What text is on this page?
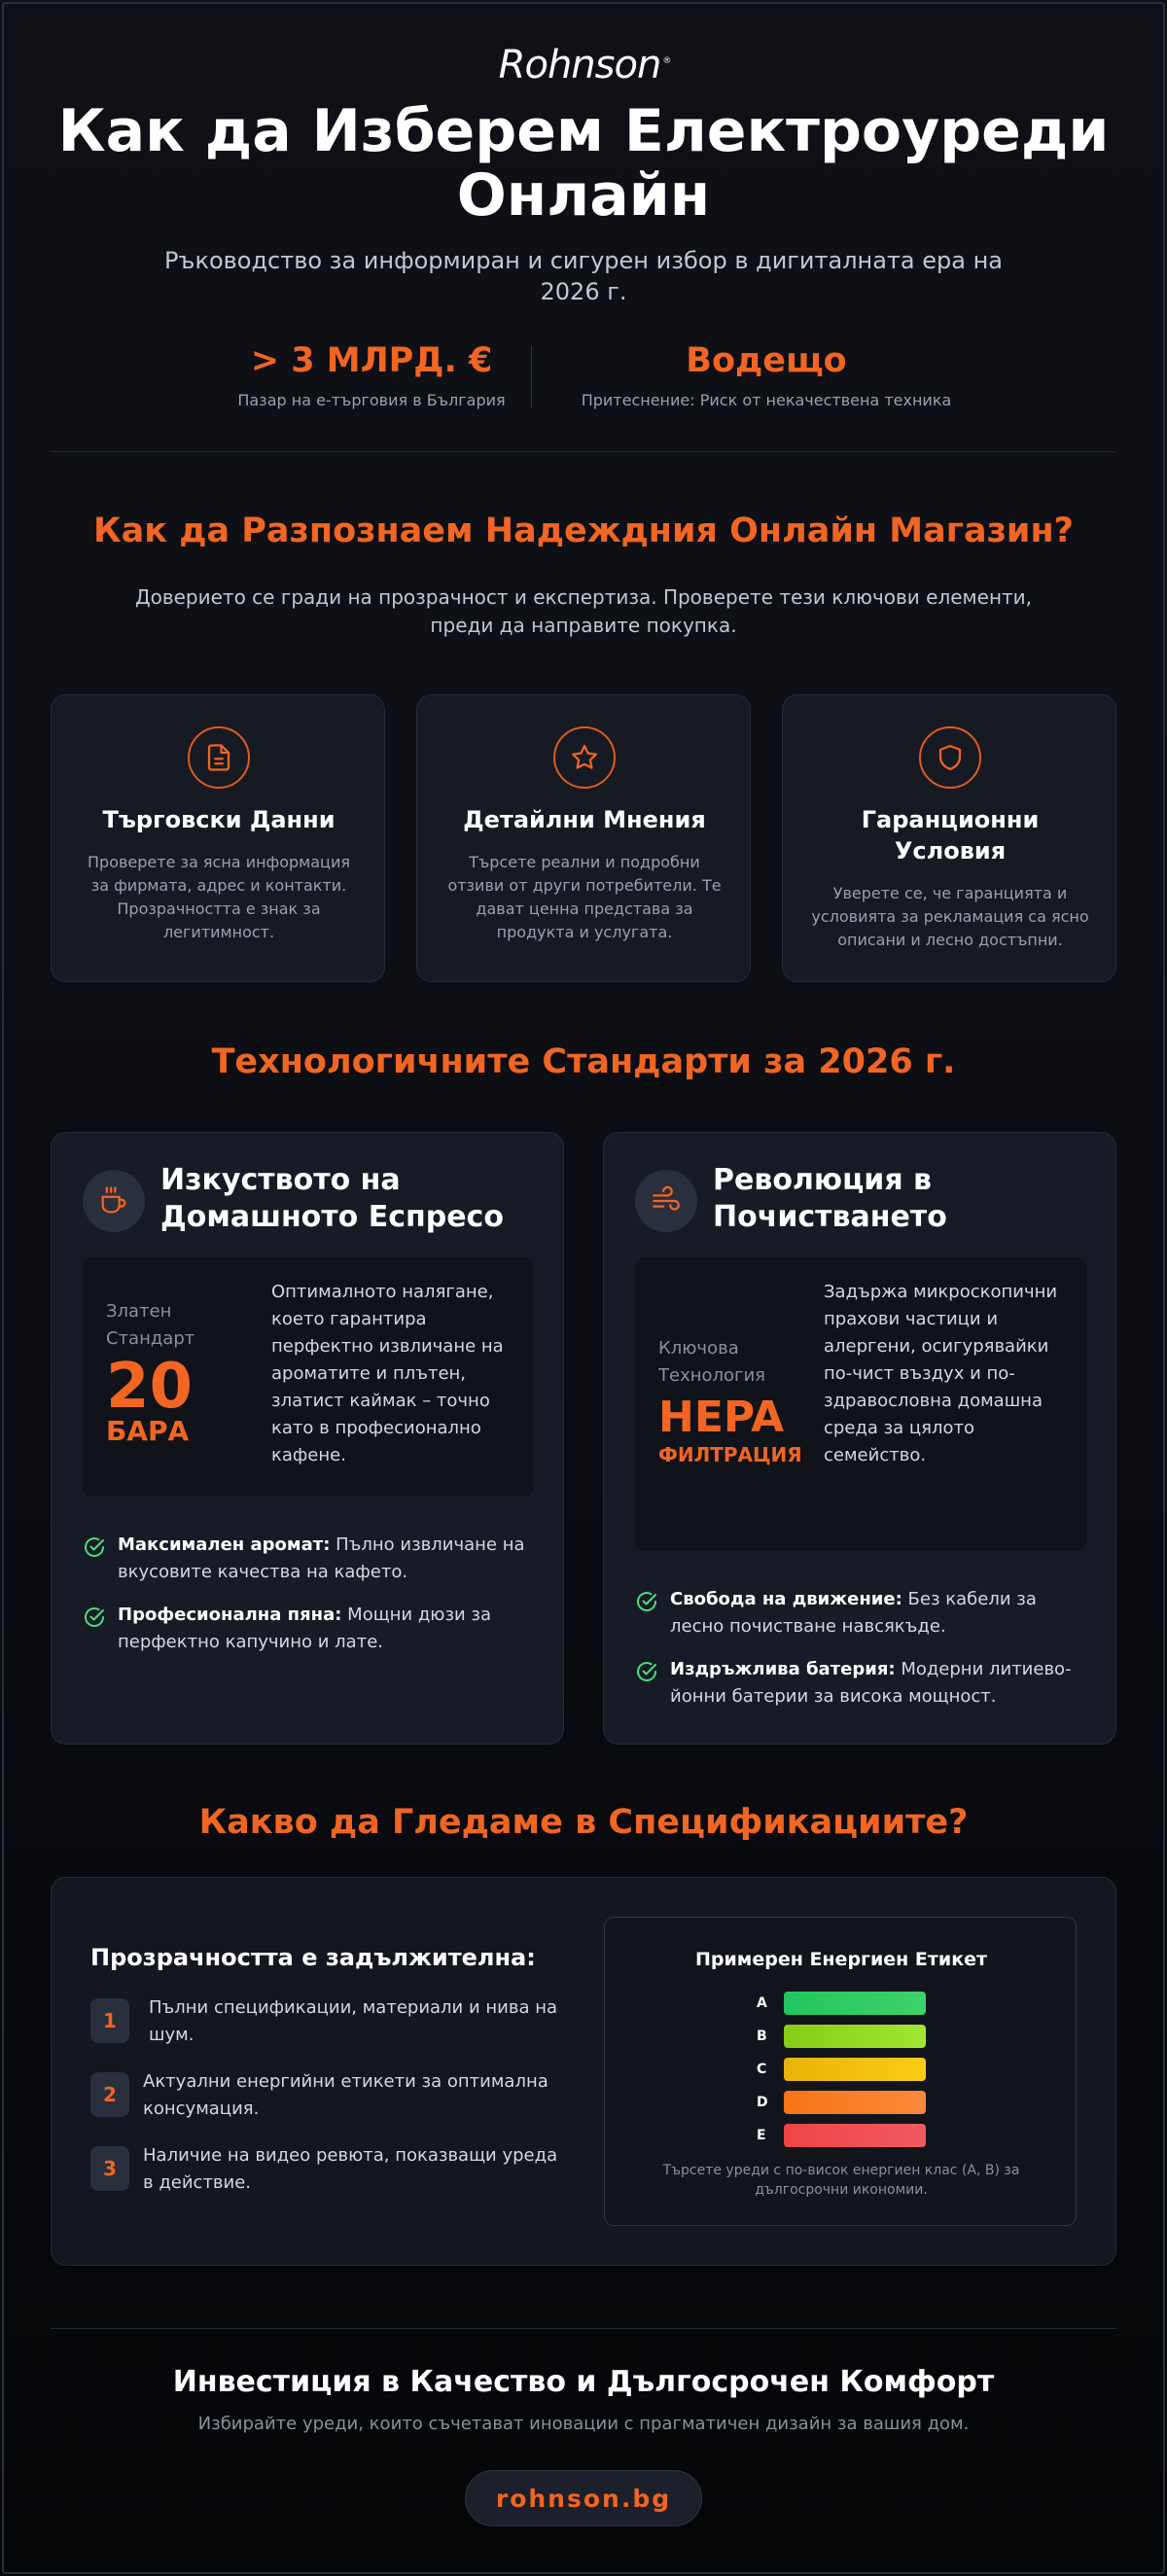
Rohnson ®
Как да Изберем Електроуреди Онлайн

Ръководство за информиран и сигурен избор в дигиталната ера на 2026 г.

> 3 МЛРД. €
Пазар на е-търговия в България
Водещо
Притеснение: Риск от некачествена техника
Как да Разпознаем Надеждния Онлайн Магазин?

Доверието се гради на прозрачност и експертиза. Проверете тези ключови елементи, преди да направите покупка.

Търговски Данни
Проверете за ясна информация за фирмата, адрес и контакти. Прозрачността е знак за легитимност.
Детайлни Мнения
Търсете реални и подробни отзиви от други потребители. Те дават ценна представа за продукта и услугата.
Гаранционни Условия
Уверете се, че гаранцията и условията за рекламация са ясно описани и лесно достъпни.
Технологичните Стандарти за 2026 г.
Изкуството на Домашното Еспресо
Златен Стандарт
20
БАРА
Оптималното налягане, което гарантира перфектно извличане на ароматите и плътен, златист каймак – точно като в професионално кафене.
Максимален аромат: Пълно извличане на вкусовите качества на кафето.
Професионална пяна: Мощни дюзи за перфектно капучино и лате.
Революция в Почистването
Ключова Технология
HEPA
ФИЛТРАЦИЯ
Задържа микроскопични прахови частици и алергени, осигурявайки по-чист въздух и по-здравословна домашна среда за цялото семейство.
Свобода на движение: Без кабели за лесно почистване навсякъде.
Издръжлива батерия: Модерни литиево-йонни батерии за висока мощност.
Какво да Гледаме в Спецификациите?
Прозрачността е задължителна:
1
Пълни спецификации, материали и нива на шум.
2
Актуални енергийни етикети за оптимална консумация.
3
Наличие на видео ревюта, показващи уреда в действие.
Примерен Енергиен Етикет
A
B
C
D
E
Търсете уреди с по-висок енергиен клас (A, B) за дългосрочни икономии.
Инвестиция в Качество и Дългосрочен Комфорт
Избирайте уреди, които съчетават иновации с прагматичен дизайн за вашия дом.
rohnson.bg
